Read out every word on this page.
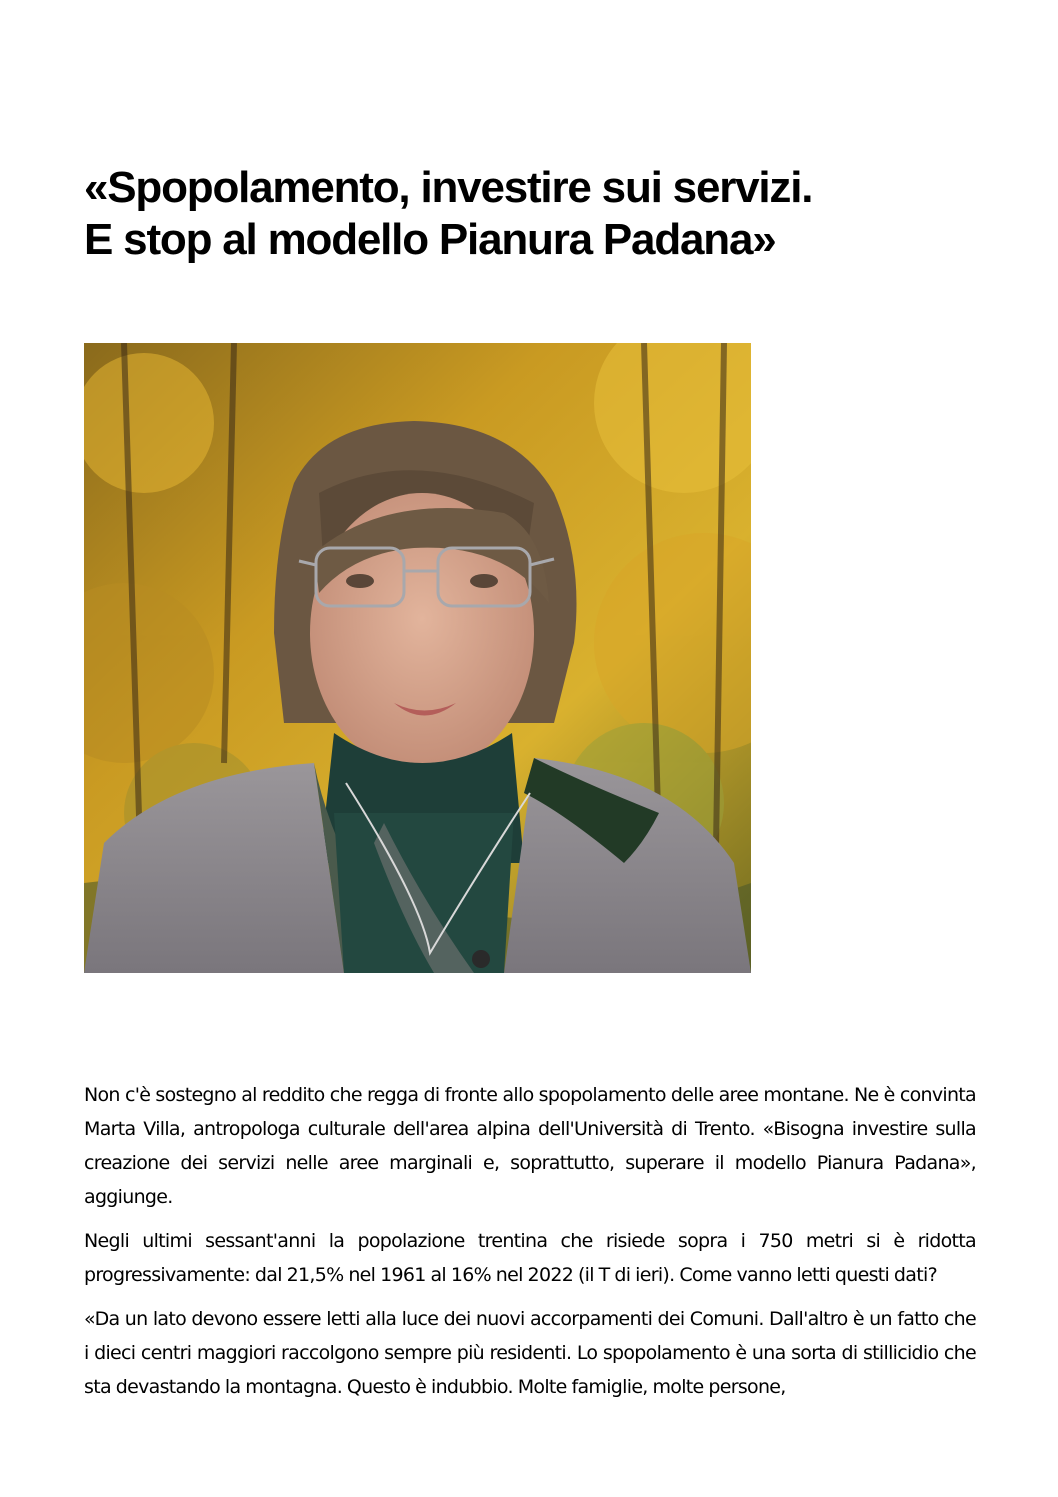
«Spopolamento, investire sui servizi.
E stop al modello Pianura Padana»

Non c'è sostegno al reddito che regga di fronte allo spopolamento delle aree montane. Ne è convinta Marta Villa, antropologa culturale dell'area alpina dell'Università di Trento. «Bisogna investire sulla creazione dei servizi nelle aree marginali e, soprattutto, superare il modello Pianura Padana», aggiunge.

Negli ultimi sessant'anni la popolazione trentina che risiede sopra i 750 metri si è ridotta progressivamente: dal 21,5% nel 1961 al 16% nel 2022 (il T di ieri). Come vanno letti questi dati?

«Da un lato devono essere letti alla luce dei nuovi accorpamenti dei Comuni. Dall'altro è un fatto che i dieci centri maggiori raccolgono sempre più residenti. Lo spopolamento è una sorta di stillicidio che sta devastando la montagna. Questo è indubbio. Molte famiglie, molte persone,
